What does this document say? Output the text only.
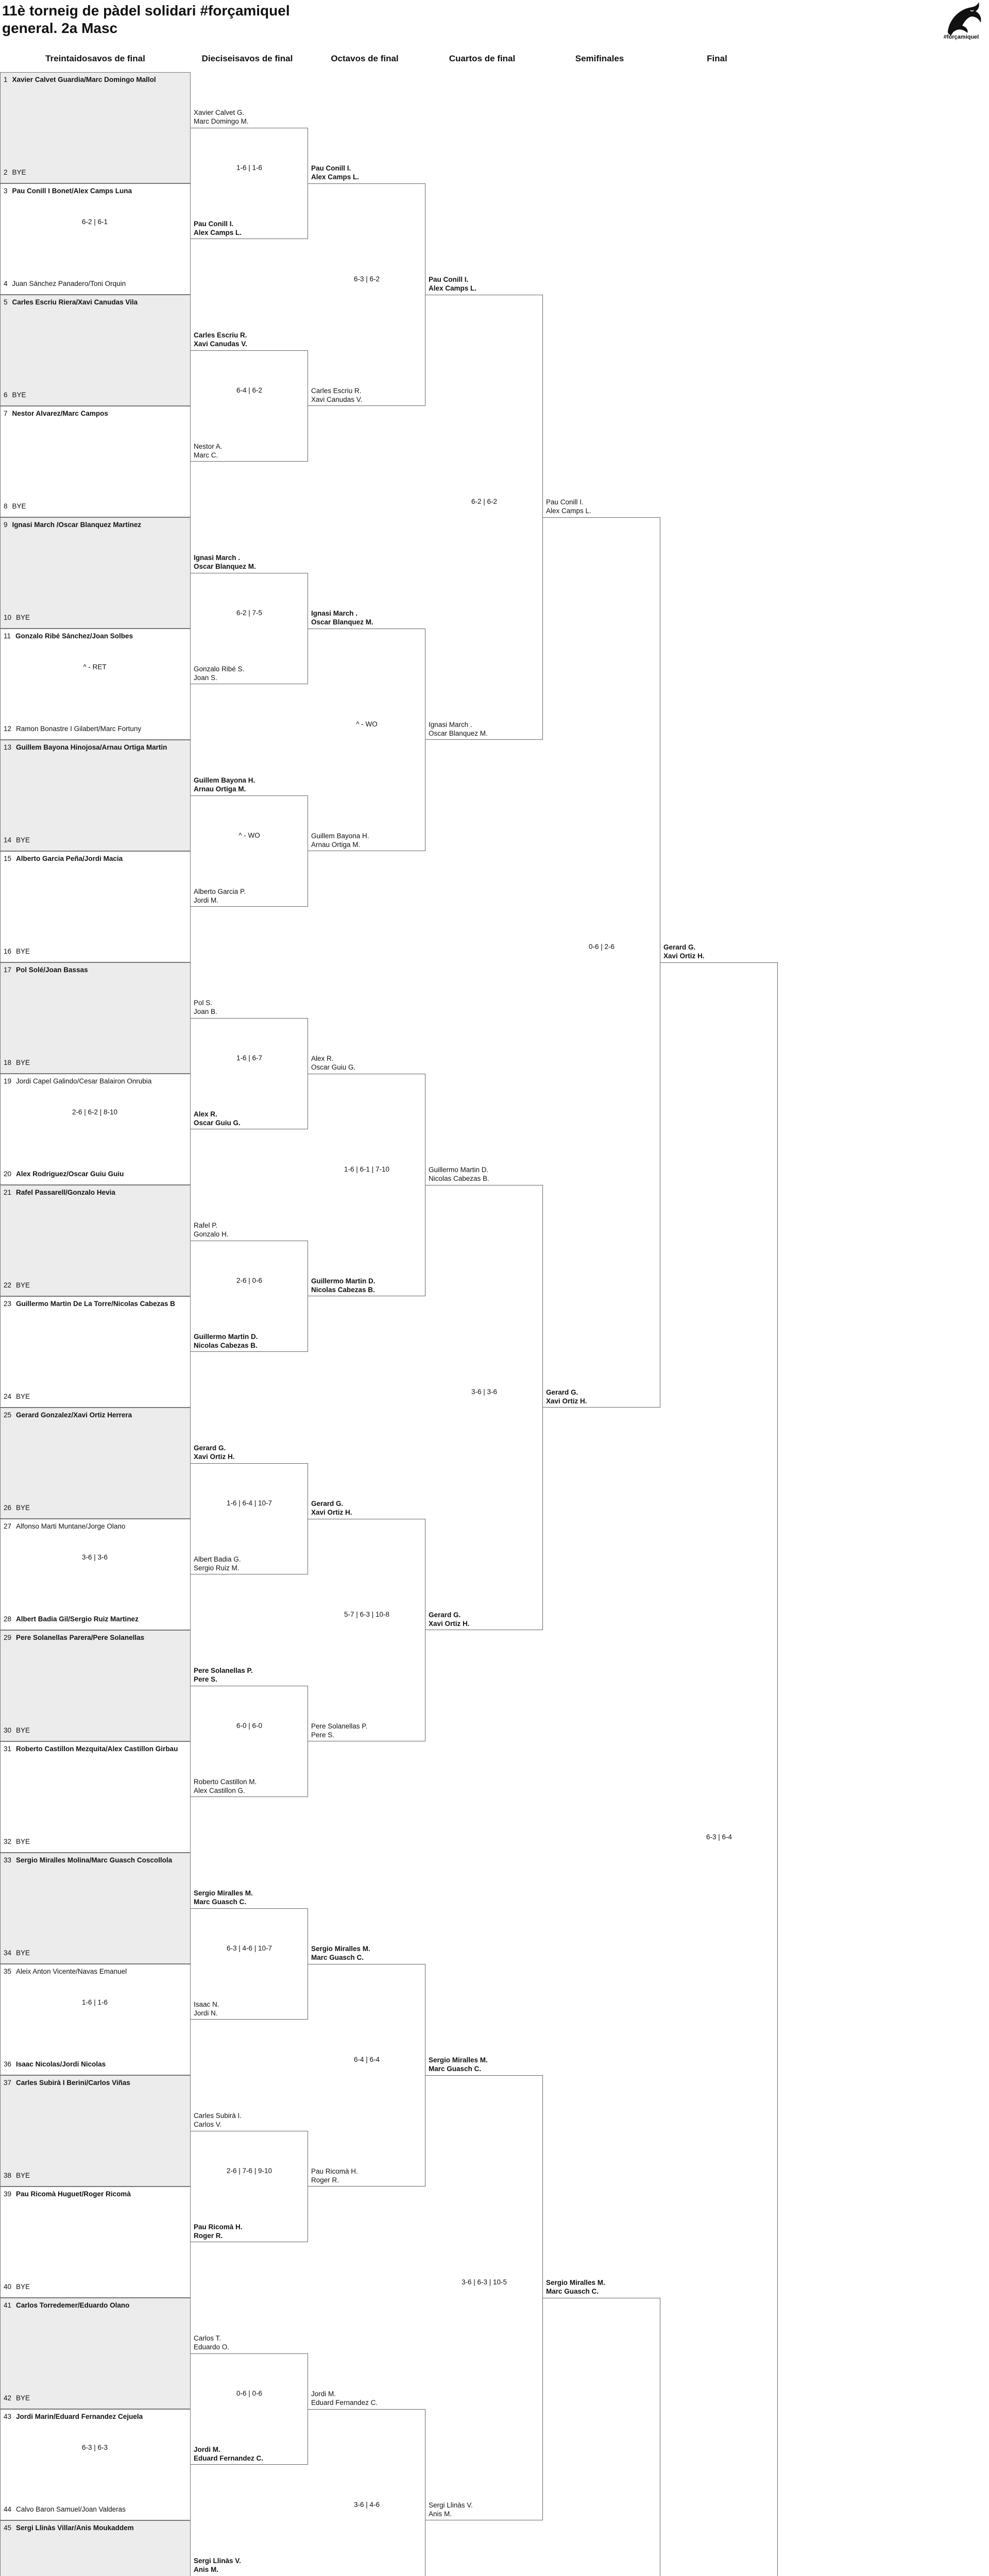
11è torneig de pàdel solidari #forçamiquel
general. 2a Masc
#forçamiquel
Treintaidosavos de final	Dieciseisavos de final	Octavos de final	Cuartos de final	Semifinales	Final
1 Xavier Calvet Guardia/Marc Domingo Mallol
2 BYE
3 Pau Conill I Bonet/Alex Camps Luna
4 Juan Sánchez Panadero/Toni Orquin
6-2 | 6-1
5 Carles Escriu Riera/Xavi Canudas Vila
6 BYE
7 Nestor Alvarez/Marc Campos
8 BYE
9 Ignasi March /Oscar Blanquez Martinez
10 BYE
11 Gonzalo Ribé Sánchez/Joan Solbes
12 Ramon Bonastre I Gilabert/Marc Fortuny
^ - RET
13 Guillem Bayona Hinojosa/Arnau Ortiga Martin
14 BYE
15 Alberto Garcia Peña/Jordi Macia
16 BYE
17 Pol Solé/Joan Bassas
18 BYE
19 Jordi Capel Galindo/Cesar Balairon Onrubia
20 Alex Rodriguez/Oscar Guiu Guiu
2-6 | 6-2 | 8-10
21 Rafel Passarell/Gonzalo Hevia
22 BYE
23 Guillermo Martin De La Torre/Nicolas Cabezas B
24 BYE
25 Gerard Gonzalez/Xavi Ortiz Herrera
26 BYE
27 Alfonso Marti Muntane/Jorge Olano
28 Albert Badia Gil/Sergio Ruiz Martinez
3-6 | 3-6
29 Pere Solanellas Parera/Pere Solanellas
30 BYE
31 Roberto Castillon Mezquita/Alex Castillon Girbau
32 BYE
33 Sergio Miralles Molina/Marc Guasch Coscollola
34 BYE
35 Aleix Anton Vicente/Navas Emanuel
36 Isaac Nicolas/Jordi Nicolas
1-6 | 1-6
37 Carles Subirà I Berini/Carlos Viñas
38 BYE
39 Pau Ricomà Huguet/Roger Ricomà
40 BYE
41 Carlos Torredemer/Eduardo Olano
42 BYE
43 Jordi Marin/Eduard Fernandez Cejuela
44 Calvo Baron Samuel/Joan Valderas
6-3 | 6-3
45 Sergi Llinàs Villar/Anis Moukaddem
Xavier Calvet G.
Marc Domingo M.
Pau Conill I.
Alex Camps L.
1-6 | 1-6
Carles Escriu R.
Xavi Canudas V.
Nestor A.
Marc C.
6-4 | 6-2
Ignasi March .
Oscar Blanquez M.
Gonzalo Ribé S.
Joan S.
6-2 | 7-5
Guillem Bayona H.
Arnau Ortiga M.
Alberto Garcia P.
Jordi M.
^ - WO
Pol S.
Joan B.
Alex R.
Oscar Guiu G.
1-6 | 6-7
Rafel P.
Gonzalo H.
Guillermo Martin D.
Nicolas Cabezas B.
2-6 | 0-6
Gerard G.
Xavi Ortiz H.
Albert Badia G.
Sergio Ruiz M.
1-6 | 6-4 | 10-7
Pere Solanellas P.
Pere S.
Roberto Castillon M.
Alex Castillon G.
6-0 | 6-0
Sergio Miralles M.
Marc Guasch C.
Isaac N.
Jordi N.
6-3 | 4-6 | 10-7
Carles Subirà I.
Carlos V.
Pau Ricomà H.
Roger R.
2-6 | 7-6 | 9-10
Carlos T.
Eduardo O.
Jordi M.
Eduard Fernandez C.
0-6 | 0-6
Sergi Llinàs V.
Anis M.
Pau Conill I.
Alex Camps L.
Carles Escriu R.
Xavi Canudas V.
6-3 | 6-2
Ignasi March .
Oscar Blanquez M.
Guillem Bayona H.
Arnau Ortiga M.
^ - WO
Alex R.
Oscar Guiu G.
Guillermo Martin D.
Nicolas Cabezas B.
1-6 | 6-1 | 7-10
Gerard G.
Xavi Ortiz H.
Pere Solanellas P.
Pere S.
5-7 | 6-3 | 10-8
Sergio Miralles M.
Marc Guasch C.
Pau Ricomà H.
Roger R.
6-4 | 6-4
Jordi M.
Eduard Fernandez C.
3-6 | 4-6
Pau Conill I.
Alex Camps L.
Ignasi March .
Oscar Blanquez M.
6-2 | 6-2
Guillermo Martin D.
Nicolas Cabezas B.
Gerard G.
Xavi Ortiz H.
3-6 | 3-6
Sergio Miralles M.
Marc Guasch C.
Sergi Llinàs V.
Anis M.
3-6 | 6-3 | 10-5
Pau Conill I.
Alex Camps L.
Gerard G.
Xavi Ortiz H.
0-6 | 2-6
Sergio Miralles M.
Marc Guasch C.
Gerard G.
Xavi Ortiz H.
6-3 | 6-4
